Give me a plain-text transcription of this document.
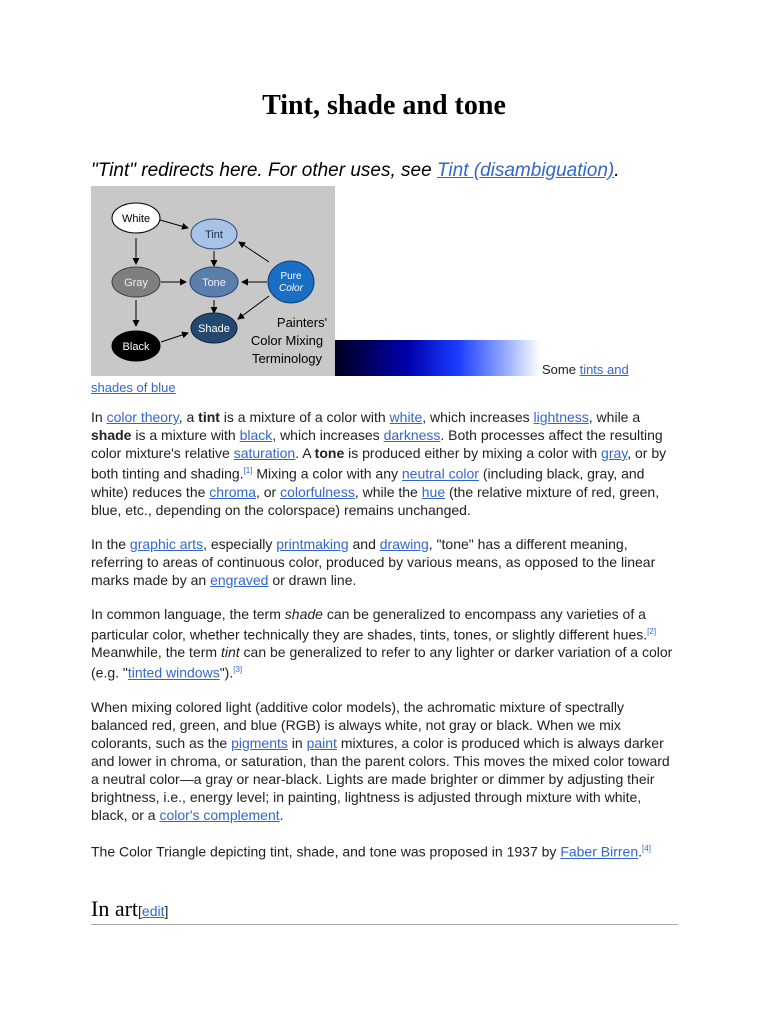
Tint, shade and tone

"Tint" redirects here. For other uses, see Tint (disambiguation).

White
Tint
Gray	Tone
Pure
Color
Shade
Black
Painters'
Color Mixing
Terminology
Some tints and
shades of blue

In color theory, a tint is a mixture of a color with white, which increases lightness, while a shade is a mixture with black, which increases darkness. Both processes affect the resulting color mixture's relative saturation. A tone is produced either by mixing a color with gray, or by both tinting and shading.[1] Mixing a color with any neutral color (including black, gray, and white) reduces the chroma, or colorfulness, while the hue (the relative mixture of red, green, blue, etc., depending on the colorspace) remains unchanged.

In the graphic arts, especially printmaking and drawing, "tone" has a different meaning, referring to areas of continuous color, produced by various means, as opposed to the linear marks made by an engraved or drawn line.

In common language, the term shade can be generalized to encompass any varieties of a particular color, whether technically they are shades, tints, tones, or slightly different hues.[2] Meanwhile, the term tint can be generalized to refer to any lighter or darker variation of a color (e.g. "tinted windows").[3]

When mixing colored light (additive color models), the achromatic mixture of spectrally balanced red, green, and blue (RGB) is always white, not gray or black. When we mix colorants, such as the pigments in paint mixtures, a color is produced which is always darker and lower in chroma, or saturation, than the parent colors. This moves the mixed color toward a neutral color—a gray or near-black. Lights are made brighter or dimmer by adjusting their brightness, i.e., energy level; in painting, lightness is adjusted through mixture with white, black, or a color's complement.

The Color Triangle depicting tint, shade, and tone was proposed in 1937 by Faber Birren.[4]

In art[edit]
